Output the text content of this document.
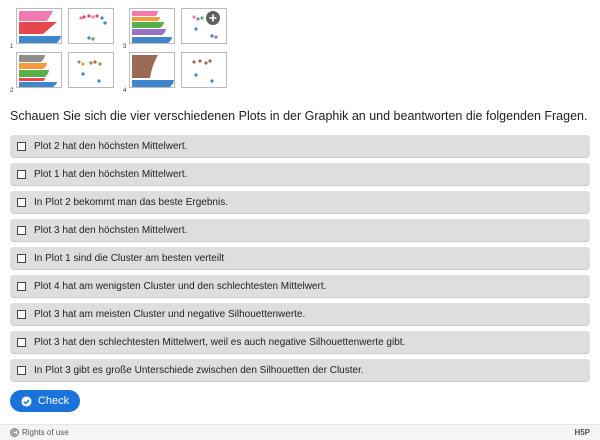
1	3
2	4
Schauen Sie sich die vier verschiedenen Plots in der Graphik an und beantworten die folgenden Fragen.
Plot 2 hat den höchsten Mittelwert.
Plot 1 hat den höchsten Mittelwert.
In Plot 2 bekommt man das beste Ergebnis.
Plot 3 hat den höchsten Mittelwert.
In Plot 1 sind die Cluster am besten verteilt
Plot 4 hat am wenigsten Cluster und den schlechtesten Mittelwert.
Plot 3 hat am meisten Cluster und negative Silhouettenwerte.
Plot 3 hat den schlechtesten Mittelwert, weil es auch negative Silhouettenwerte gibt.
In Plot 3 gibt es große Unterschiede zwischen den Silhouetten der Cluster.
Check
Rights of use	H5P
